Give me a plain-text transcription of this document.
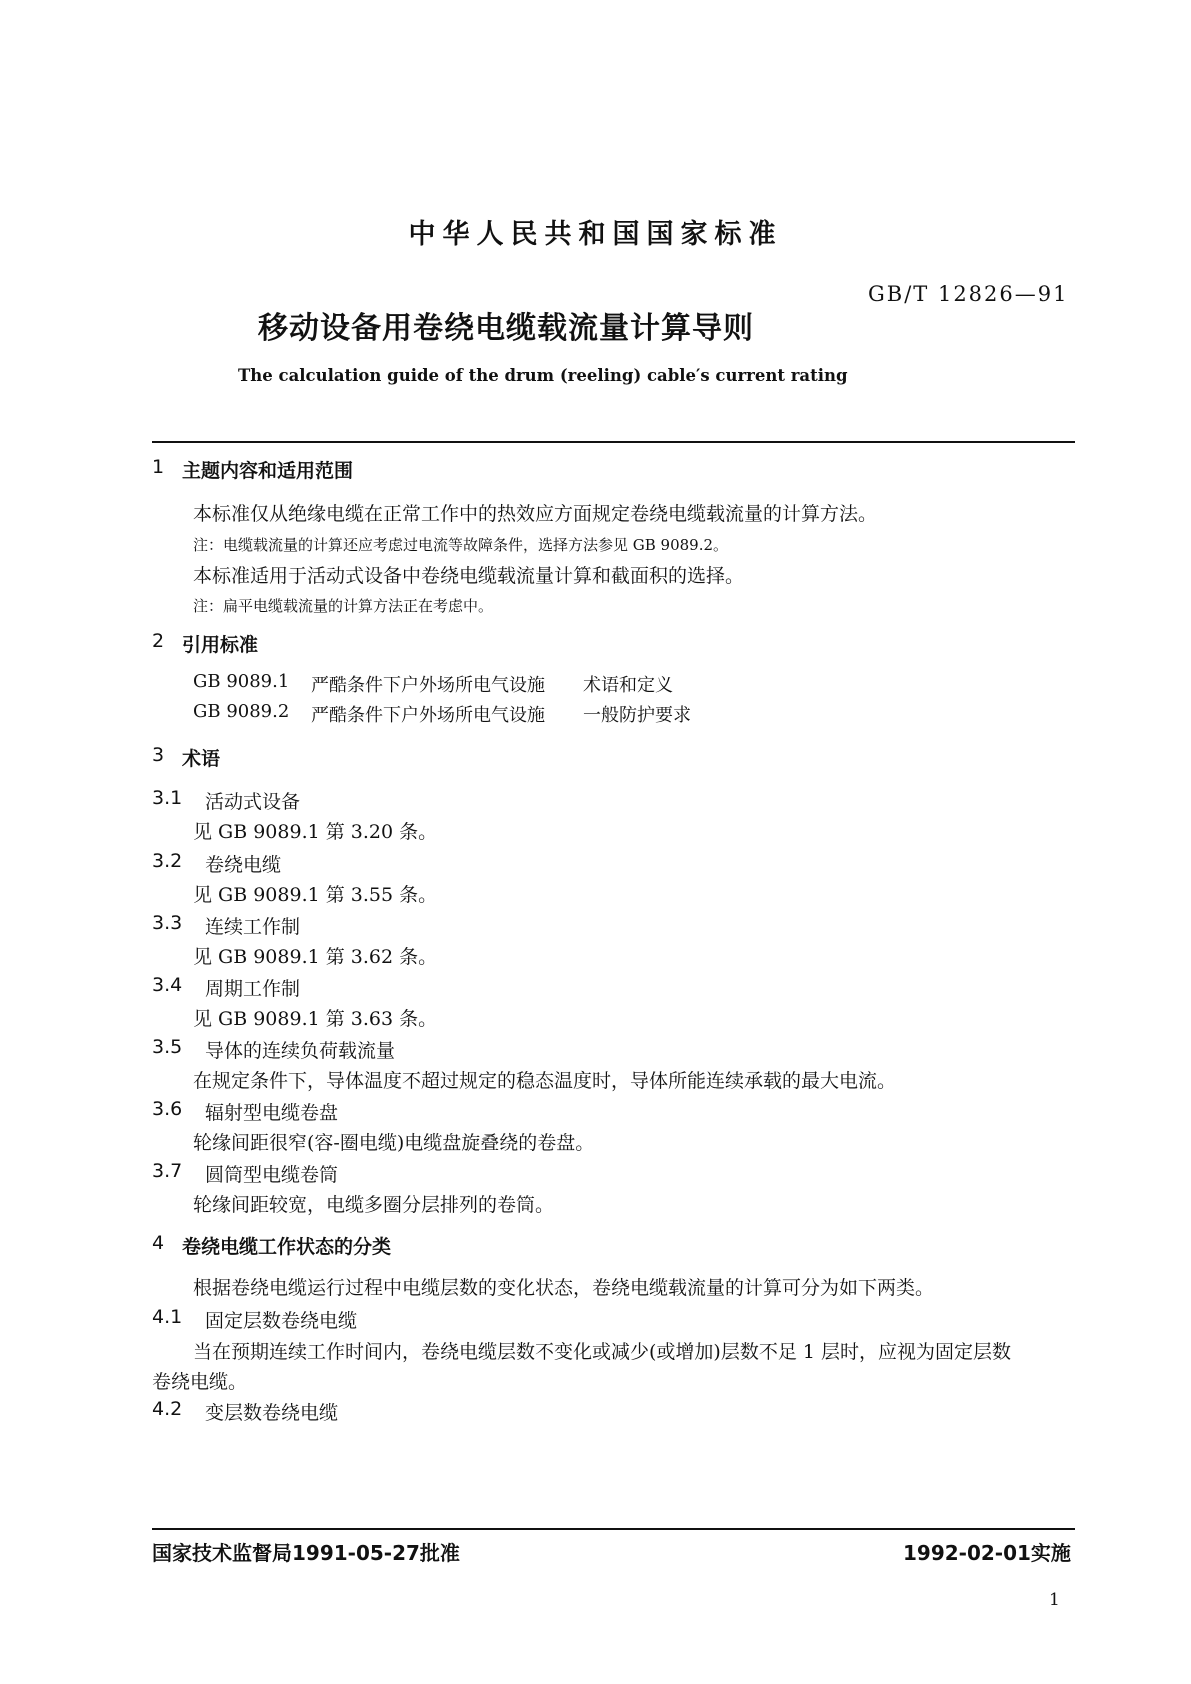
中华人民共和国国家标准
GB/T 12826—91
移动设备用卷绕电缆载流量计算导则
The calculation guide of the drum (reeling) cable′s current rating
1 主题内容和适用范围
本标准仅从绝缘电缆在正常工作中的热效应方面规定卷绕电缆载流量的计算方法。
注：电缆载流量的计算还应考虑过电流等故障条件，选择方法参见 GB 9089.2。
本标准适用于活动式设备中卷绕电缆载流量计算和截面积的选择。
注：扁平电缆载流量的计算方法正在考虑中。
2 引用标准
GB 9089.1 严酷条件下户外场所电气设施 术语和定义
GB 9089.2 严酷条件下户外场所电气设施 一般防护要求
3 术语
3.1 活动式设备
见 GB 9089.1 第 3.20 条。
3.2 卷绕电缆
见 GB 9089.1 第 3.55 条。
3.3 连续工作制
见 GB 9089.1 第 3.62 条。
3.4 周期工作制
见 GB 9089.1 第 3.63 条。
3.5 导体的连续负荷载流量
在规定条件下，导体温度不超过规定的稳态温度时，导体所能连续承载的最大电流。
3.6 辐射型电缆卷盘
轮缘间距很窄(容-圈电缆)电缆盘旋叠绕的卷盘。
3.7 圆筒型电缆卷筒
轮缘间距较宽，电缆多圈分层排列的卷筒。
4 卷绕电缆工作状态的分类
根据卷绕电缆运行过程中电缆层数的变化状态，卷绕电缆载流量的计算可分为如下两类。
4.1 固定层数卷绕电缆
当在预期连续工作时间内，卷绕电缆层数不变化或减少(或增加)层数不足 1 层时，应视为固定层数
卷绕电缆。
4.2 变层数卷绕电缆
国家技术监督局1991-05-27批准	1992-02-01实施
1
